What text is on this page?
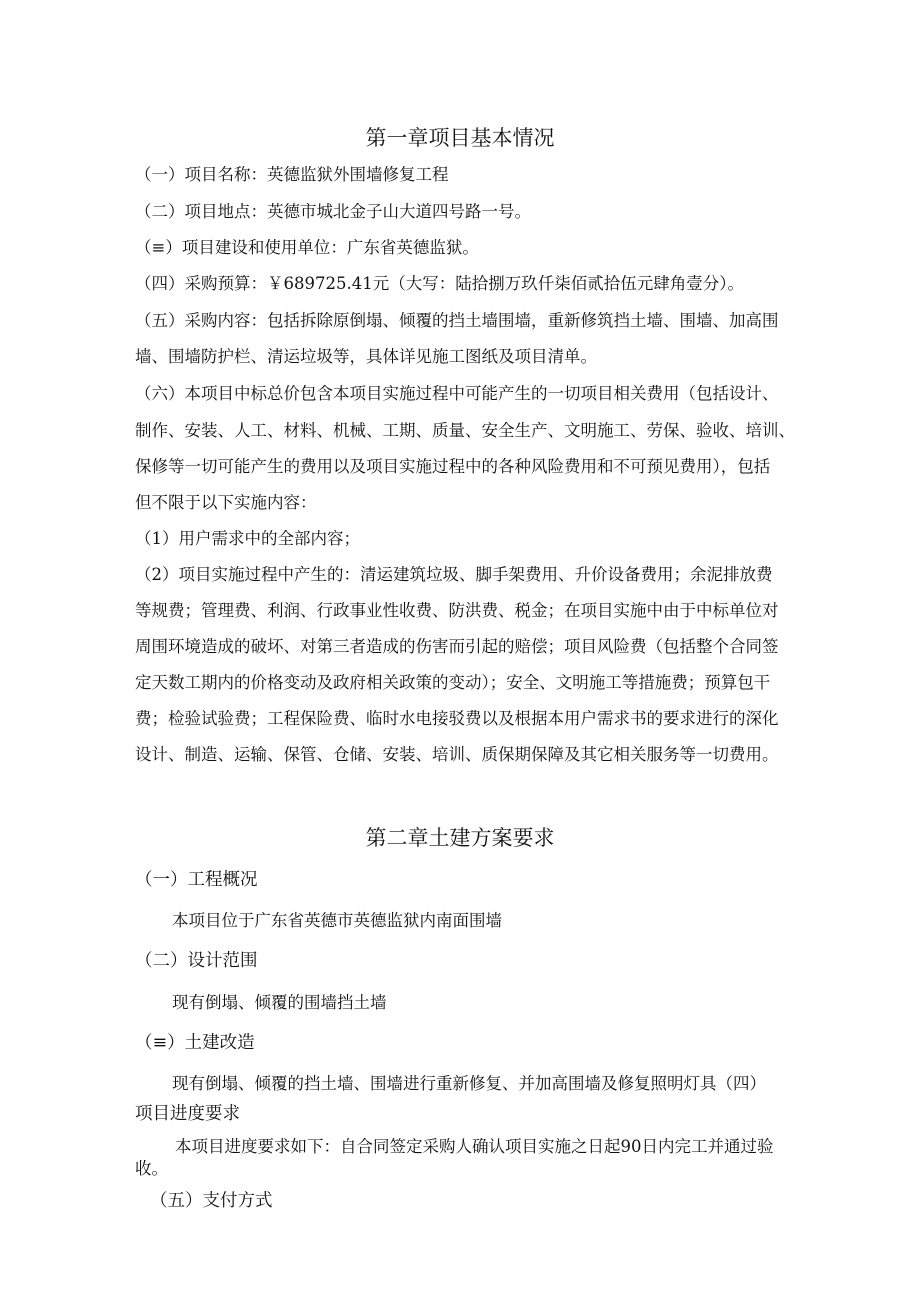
第一章项目基本情况
（一）项目名称：英德监狱外围墙修复工程
（二）项目地点：英德市城北金子山大道四号路一号。
（≡）项目建设和使用单位：广东省英德监狱。
（四）采购预算：￥689725.41元（大写：陆拾捌万玖仟柒佰贰拾伍元肆角壹分）。
（五）采购内容：包括拆除原倒塌、倾覆的挡土墙围墙，重新修筑挡土墙、围墙、加高围
墙、围墙防护栏、清运垃圾等，具体详见施工图纸及项目清单。
（六）本项目中标总价包含本项目实施过程中可能产生的一切项目相关费用（包括设计、
制作、安装、人工、材料、机械、工期、质量、安全生产、文明施工、劳保、验收、培训、
保修等一切可能产生的费用以及项目实施过程中的各种风险费用和不可预见费用），包括
但不限于以下实施内容：
（1）用户需求中的全部内容；
（2）项目实施过程中产生的：清运建筑垃圾、脚手架费用、升价设备费用；余泥排放费
等规费；管理费、利润、行政事业性收费、防洪费、税金；在项目实施中由于中标单位对
周围环境造成的破坏、对第三者造成的伤害而引起的赔偿；项目风险费（包括整个合同签
定天数工期内的价格变动及政府相关政策的变动）；安全、文明施工等措施费；预算包干
费；检验试验费；工程保险费、临时水电接驳费以及根据本用户需求书的要求进行的深化
设计、制造、运输、保管、仓储、安装、培训、质保期保障及其它相关服务等一切费用。
第二章土建方案要求
（一）工程概况
本项目位于广东省英德市英德监狱内南面围墙
（二）设计范围
现有倒塌、倾覆的围墙挡土墙
（≡）土建改造
现有倒塌、倾覆的挡土墙、围墙进行重新修复、并加高围墙及修复照明灯具（四）
项目进度要求
本项目进度要求如下：自合同签定采购人确认项目实施之日起90日内完工并通过验
收。
（五）支付方式
